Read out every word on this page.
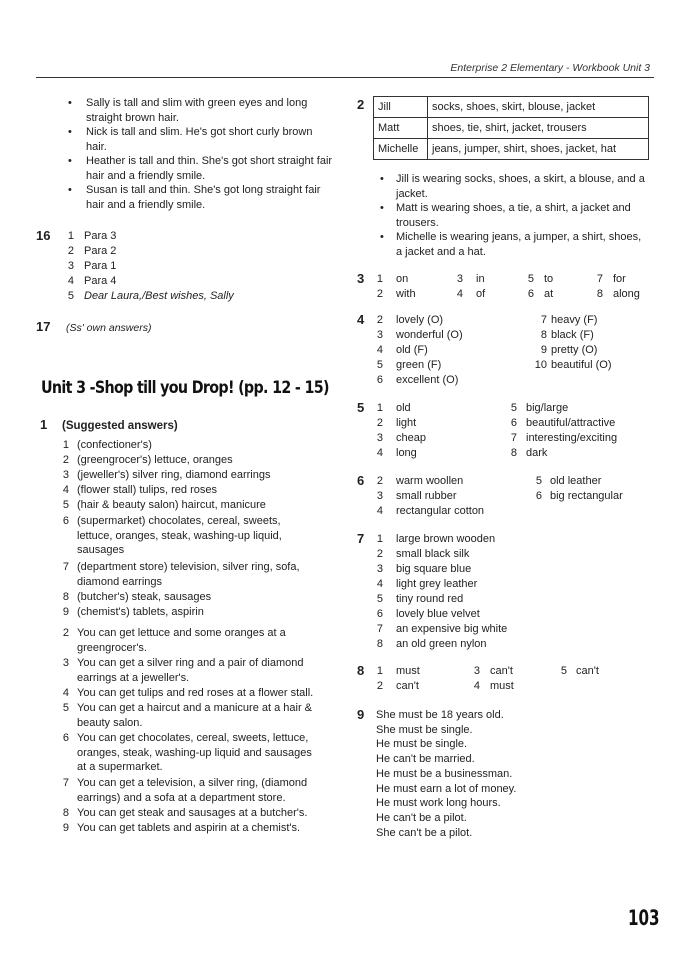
Enterprise 2 Elementary - Workbook Unit 3
• Sally is tall and slim with green eyes and long
straight brown hair.
• Nick is tall and slim. He's got short curly brown
hair.
• Heather is tall and thin. She's got short straight fair
hair and a friendly smile.
• Susan is tall and thin. She's got long straight fair
hair and a friendly smile.
16	1 Para 3
2 Para 2
3 Para 1
4 Para 4
5 Dear Laura,/Best wishes, Sally
17 (Ss' own answers)
Unit 3 -Shop till you Drop! (pp. 12 - 15)
1 (Suggested answers)
1 (confectioner's)
2 (greengrocer's) lettuce, oranges
3 (jeweller's) silver ring, diamond earrings
4 (flower stall) tulips, red roses
5 (hair & beauty salon) haircut, manicure
6 (supermarket) chocolates, cereal, sweets,
lettuce, oranges, steak, washing-up liquid,
sausages
7 (department store) television, silver ring, sofa,
diamond earrings
8 (butcher's) steak, sausages
9 (chemist's) tablets, aspirin
2 You can get lettuce and some oranges at a
greengrocer's.
3 You can get a silver ring and a pair of diamond
earrings at a jeweller's.
4 You can get tulips and red roses at a flower stall.
5 You can get a haircut and a manicure at a hair &
beauty salon.
6 You can get chocolates, cereal, sweets, lettuce,
oranges, steak, washing-up liquid and sausages
at a supermarket.
7 You can get a television, a silver ring, (diamond
earrings) and a sofa at a department store.
8 You can get steak and sausages at a butcher's.
9 You can get tablets and aspirin at a chemist's.
2 Jill	socks, shoes, skirt, blouse, jacket
Matt	shoes, tie, shirt, jacket, trousers
Michelle	jeans, jumper, shirt, shoes, jacket, hat
• Jill is wearing socks, shoes, a skirt, a blouse, and a
jacket.
• Matt is wearing shoes, a tie, a shirt, a jacket and
trousers.
• Michelle is wearing jeans, a jumper, a shirt, shoes,
a jacket and a hat.
3	1 on	3 in	5 to	7 for
2 with	4 of	6 at	8 along
4	2 lovely (O)
3 wonderful (O)
4 old (F)
5 green (F)
6 excellent (O)
7 heavy (F)
8 black (F)
9 pretty (O)
10 beautiful (O)
5	1 old
2 light
3 cheap
4 long
5 big/large
6 beautiful/attractive
7 interesting/exciting
8 dark
6	2 warm woollen
3 small rubber
4 rectangular cotton
5 old leather
6 big rectangular
7	1 large brown wooden
2 small black silk
3 big square blue
4 light grey leather
5 tiny round red
6 lovely blue velvet
7 an expensive big white
8 an old green nylon
8	1 must	3 can't	5 can't
2 can't	4 must
9 She must be 18 years old.
She must be single.
He must be single.
He can't be married.
He must be a businessman.
He must earn a lot of money.
He must work long hours.
He can't be a pilot.
She can't be a pilot.
103
